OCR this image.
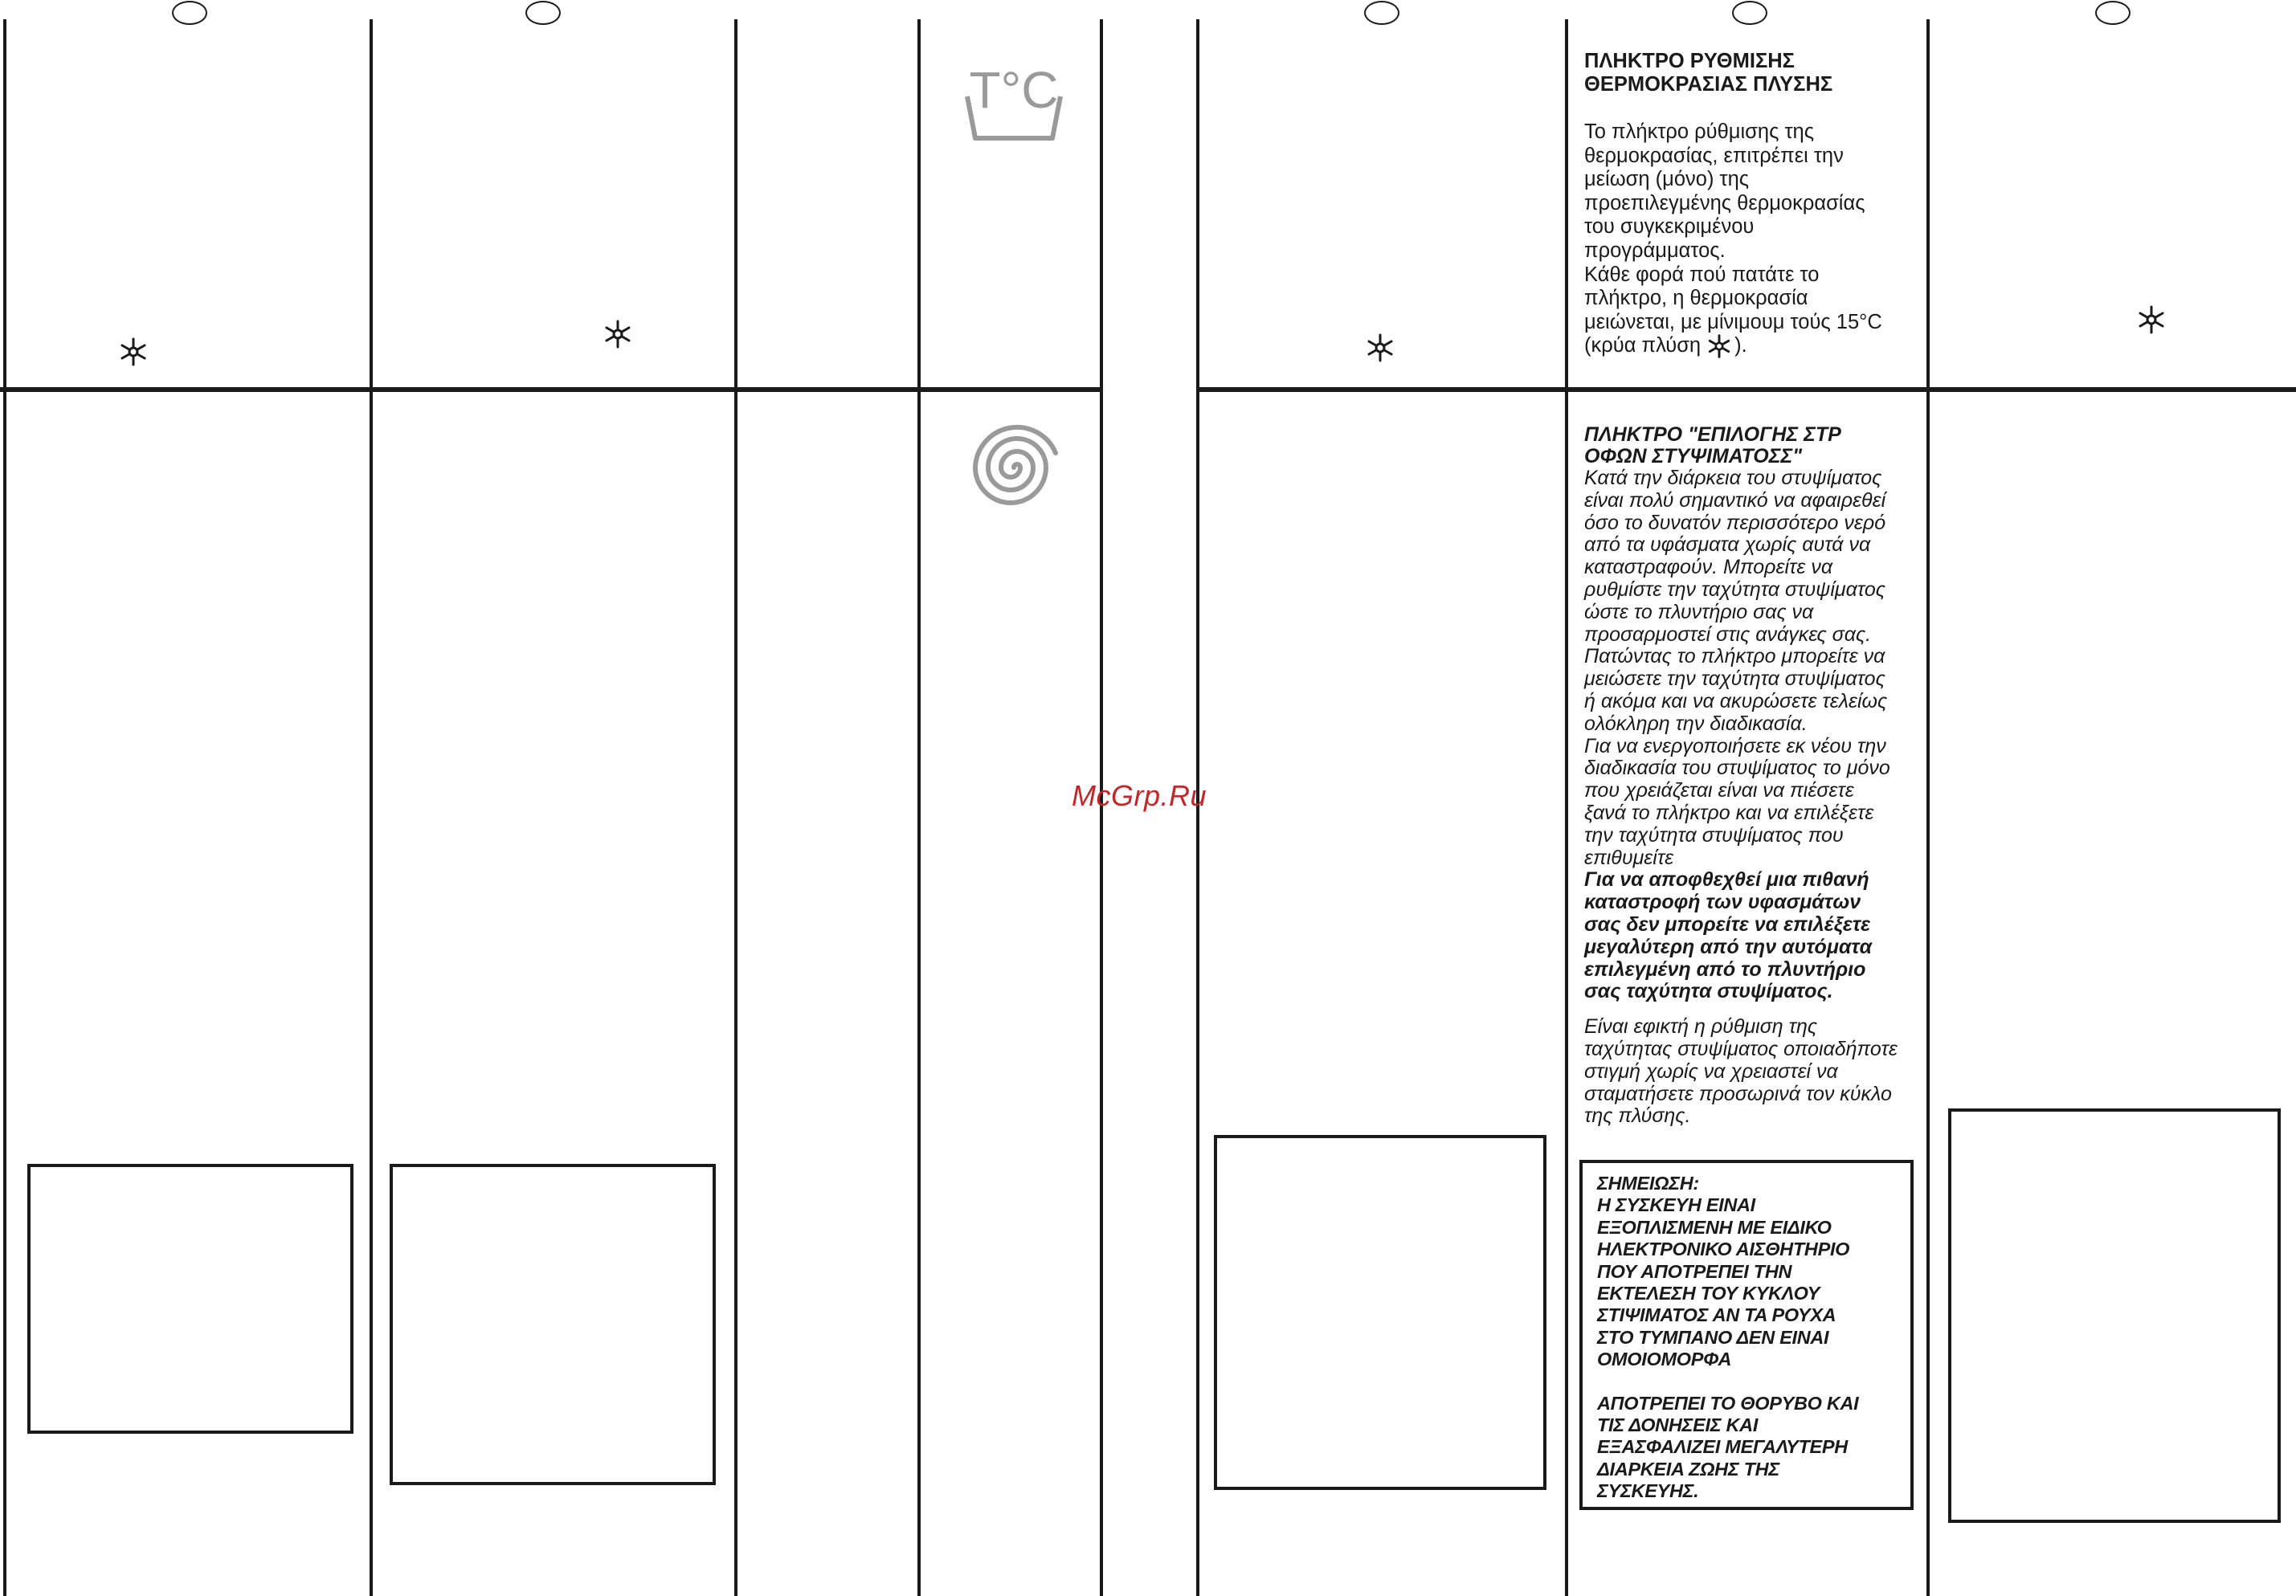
T°C	ΠΛΗΚΤΡΟ ΡΥΘΜΙΣΗΣ
ΘΕΡΜΟΚΡΑΣΙΑΣ ΠΛΥΣΗΣ

Το πλήκτρο ρύθμισης της
θερμοκρασίας, επιτρέπει την
μείωση (μόνο) της
προεπιλεγμένης θερμοκρασίας
του συγκεκριμένου
προγράμματος.
Κάθε φορά πού πατάτε το
πλήκτρο, η θερμοκρασία
μειώνεται, με μίνιμουμ τούς 15°C
(κρύα πλύση ).

ΠΛΗΚΤΡΟ "ΕΠΙΛΟΓΗΣ ΣΤΡ
ΟΦΩΝ ΣΤΥΨΙΜΑΤΟΣΣ"

Κατά την διάρκεια του στυψίματος
είναι πολύ σημαντικό να αφαιρεθεί
όσο το δυνατόν περισσότερο νερό
από τα υφάσματα χωρίς αυτά να
καταστραφούν. Μπορείτε να
ρυθμίστε την ταχύτητα στυψίματος
ώστε το πλυντήριο σας να
προσαρμοστεί στις ανάγκες σας.
Πατώντας το πλήκτρο μπορείτε να
μειώσετε την ταχύτητα στυψίματος
ή ακόμα και να ακυρώσετε τελείως
ολόκληρη την διαδικασία.
Για να ενεργοποιήσετε εκ νέου την
διαδικασία του στυψίματος το μόνο
που χρειάζεται είναι να πιέσετε
ξανά το πλήκτρο και να επιλέξετε
την ταχύτητα στυψίματος που
επιθυμείτε

Για να αποφθεχθεί μια πιθανή
καταστροφή των υφασμάτων
σας δεν μπορείτε να επιλέξετε
μεγαλύτερη από την αυτόματα
επιλεγμένη από το πλυντήριο
σας ταχύτητα στυψίματος.

Είναι εφικτή η ρύθμιση της
ταχύτητας στυψίματος οποιαδήποτε
στιγμή χωρίς να χρειαστεί να
σταματήσετε προσωρινά τον κύκλο
της πλύσης.

ΣΗΜΕΙΩΣΗ:
Η ΣΥΣΚΕΥΗ ΕΙΝΑΙ
ΕΞΟΠΛΙΣΜΕΝΗ ΜΕ ΕΙΔΙΚΟ
ΗΛΕΚΤΡΟΝΙΚΟ ΑΙΣΘΗΤΗΡΙΟ
ΠΟΥ ΑΠΟΤΡΕΠΕΙ ΤΗΝ
ΕΚΤΕΛΕΣΗ ΤΟΥ ΚΥΚΛΟΥ
ΣΤΙΨΙΜΑΤΟΣ ΑΝ ΤΑ ΡΟΥΧΑ
ΣΤΟ ΤΥΜΠΑΝΟ ΔΕΝ ΕΙΝΑΙ
ΟΜΟΙΟΜΟΡΦΑ

ΑΠΟΤΡΕΠΕΙ ΤΟ ΘΟΡΥΒΟ ΚΑΙ
ΤΙΣ ΔΟΝΗΣΕΙΣ ΚΑΙ
ΕΞΑΣΦΑΛΙΖΕΙ ΜΕΓΑΛΥΤΕΡΗ
ΔΙΑΡΚΕΙΑ ΖΩΗΣ ΤΗΣ
ΣΥΣΚΕΥΗΣ.

McGrp.Ru
